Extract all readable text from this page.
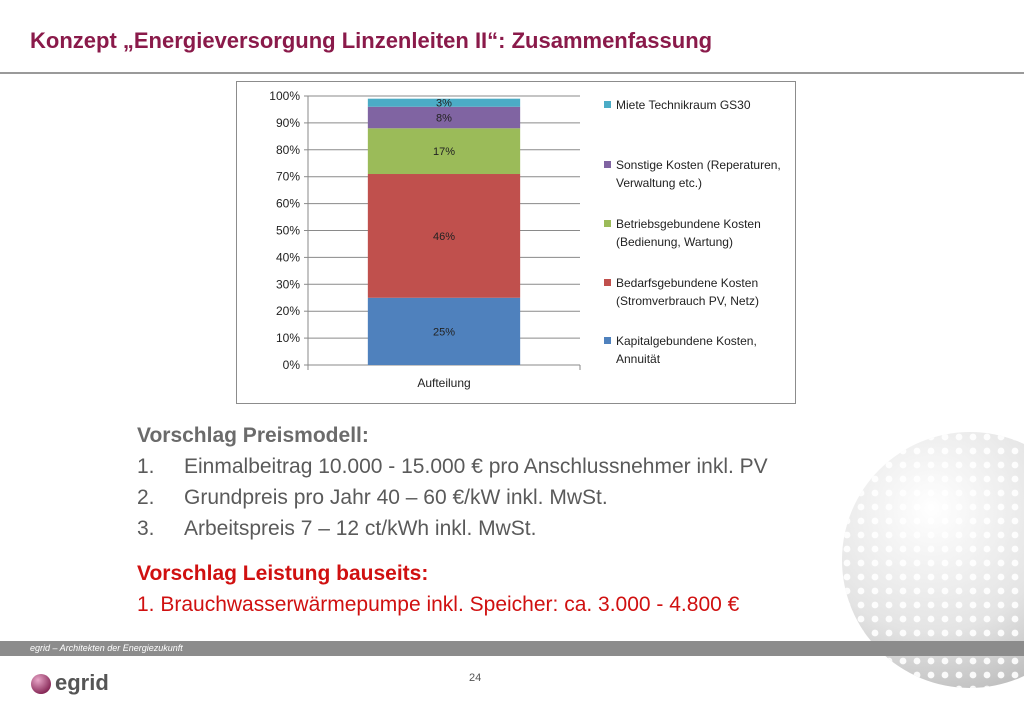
Konzept „Energieversorgung Linzenleiten II“: Zusammenfassung
0%
10%
20%
30%
40%
50%
60%
70%
80%
90%
100%
25%
46%
17%
8%
3%
Aufteilung
Miete Technikraum GS30
Sonstige Kosten (Reperaturen, Verwaltung etc.)
Betriebsgebundene Kosten (Bedienung, Wartung)
Bedarfsgebundene Kosten (Stromverbrauch PV, Netz)
Kapitalgebundene Kosten, Annuität
Vorschlag Preismodell:
1. Einmalbeitrag 10.000 - 15.000 € pro Anschlussnehmer inkl. PV
2. Grundpreis pro Jahr 40 – 60 €/kW inkl. MwSt.
3. Arbeitspreis 7 – 12 ct/kWh inkl. MwSt.
Vorschlag Leistung bauseits:
1. Brauchwasserwärmepumpe inkl. Speicher: ca. 3.000 - 4.800 €
egrid – Architekten der Energiezukunft
24
egrid
